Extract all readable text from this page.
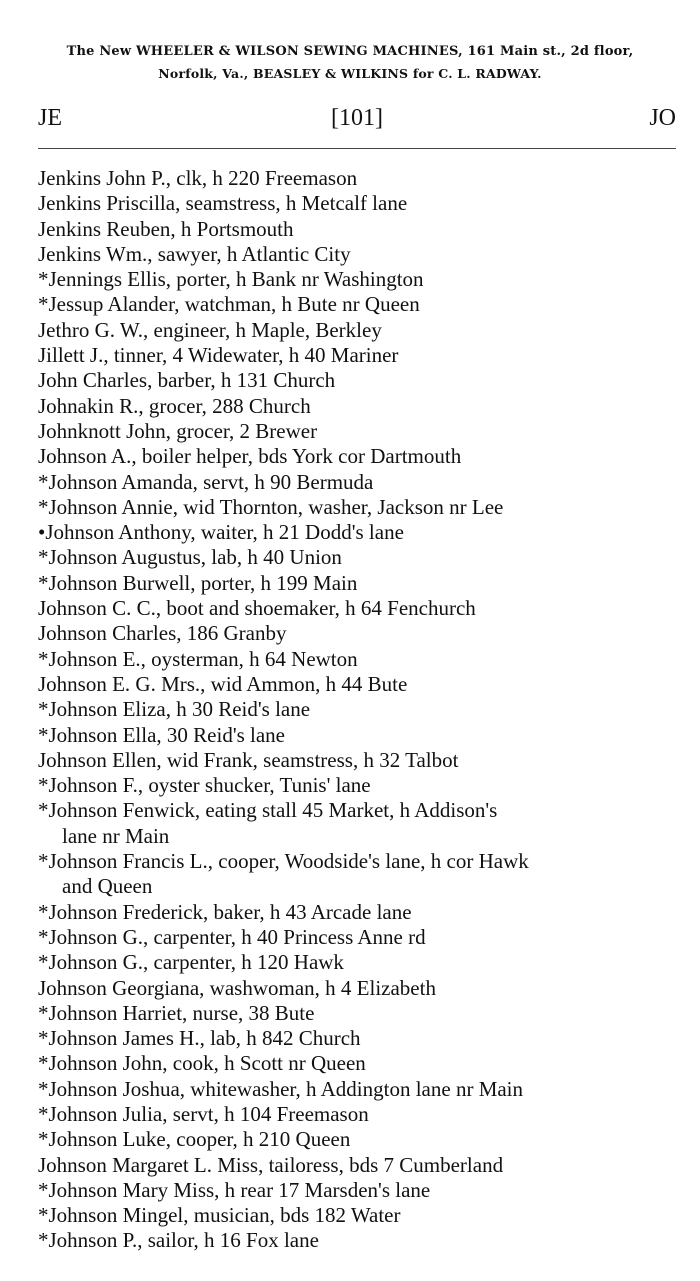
The New WHEELER & WILSON SEWING MACHINES, 161 Main st., 2d floor,
Norfolk, Va., BEASLEY & WILKINS for C. L. RADWAY.
JE	[101]	JO
Jenkins John P., clk, h 220 Freemason
Jenkins Priscilla, seamstress, h Metcalf lane
Jenkins Reuben, h Portsmouth
Jenkins Wm., sawyer, h Atlantic City
*Jennings Ellis, porter, h Bank nr Washington
*Jessup Alander, watchman, h Bute nr Queen
Jethro G. W., engineer, h Maple, Berkley
Jillett J., tinner, 4 Widewater, h 40 Mariner
John Charles, barber, h 131 Church
Johnakin R., grocer, 288 Church
Johnknott John, grocer, 2 Brewer
Johnson A., boiler helper, bds York cor Dartmouth
*Johnson Amanda, servt, h 90 Bermuda
*Johnson Annie, wid Thornton, washer, Jackson nr Lee
•Johnson Anthony, waiter, h 21 Dodd's lane
*Johnson Augustus, lab, h 40 Union
*Johnson Burwell, porter, h 199 Main
Johnson C. C., boot and shoemaker, h 64 Fenchurch
Johnson Charles, 186 Granby
*Johnson E., oysterman, h 64 Newton
Johnson E. G. Mrs., wid Ammon, h 44 Bute
*Johnson Eliza, h 30 Reid's lane
*Johnson Ella, 30 Reid's lane
Johnson Ellen, wid Frank, seamstress, h 32 Talbot
*Johnson F., oyster shucker, Tunis' lane
*Johnson Fenwick, eating stall 45 Market, h Addison's
lane nr Main
*Johnson Francis L., cooper, Woodside's lane, h cor Hawk
and Queen
*Johnson Frederick, baker, h 43 Arcade lane
*Johnson G., carpenter, h 40 Princess Anne rd
*Johnson G., carpenter, h 120 Hawk
Johnson Georgiana, washwoman, h 4 Elizabeth
*Johnson Harriet, nurse, 38 Bute
*Johnson James H., lab, h 842 Church
*Johnson John, cook, h Scott nr Queen
*Johnson Joshua, whitewasher, h Addington lane nr Main
*Johnson Julia, servt, h 104 Freemason
*Johnson Luke, cooper, h 210 Queen
Johnson Margaret L. Miss, tailoress, bds 7 Cumberland
*Johnson Mary Miss, h rear 17 Marsden's lane
*Johnson Mingel, musician, bds 182 Water
*Johnson P., sailor, h 16 Fox lane
